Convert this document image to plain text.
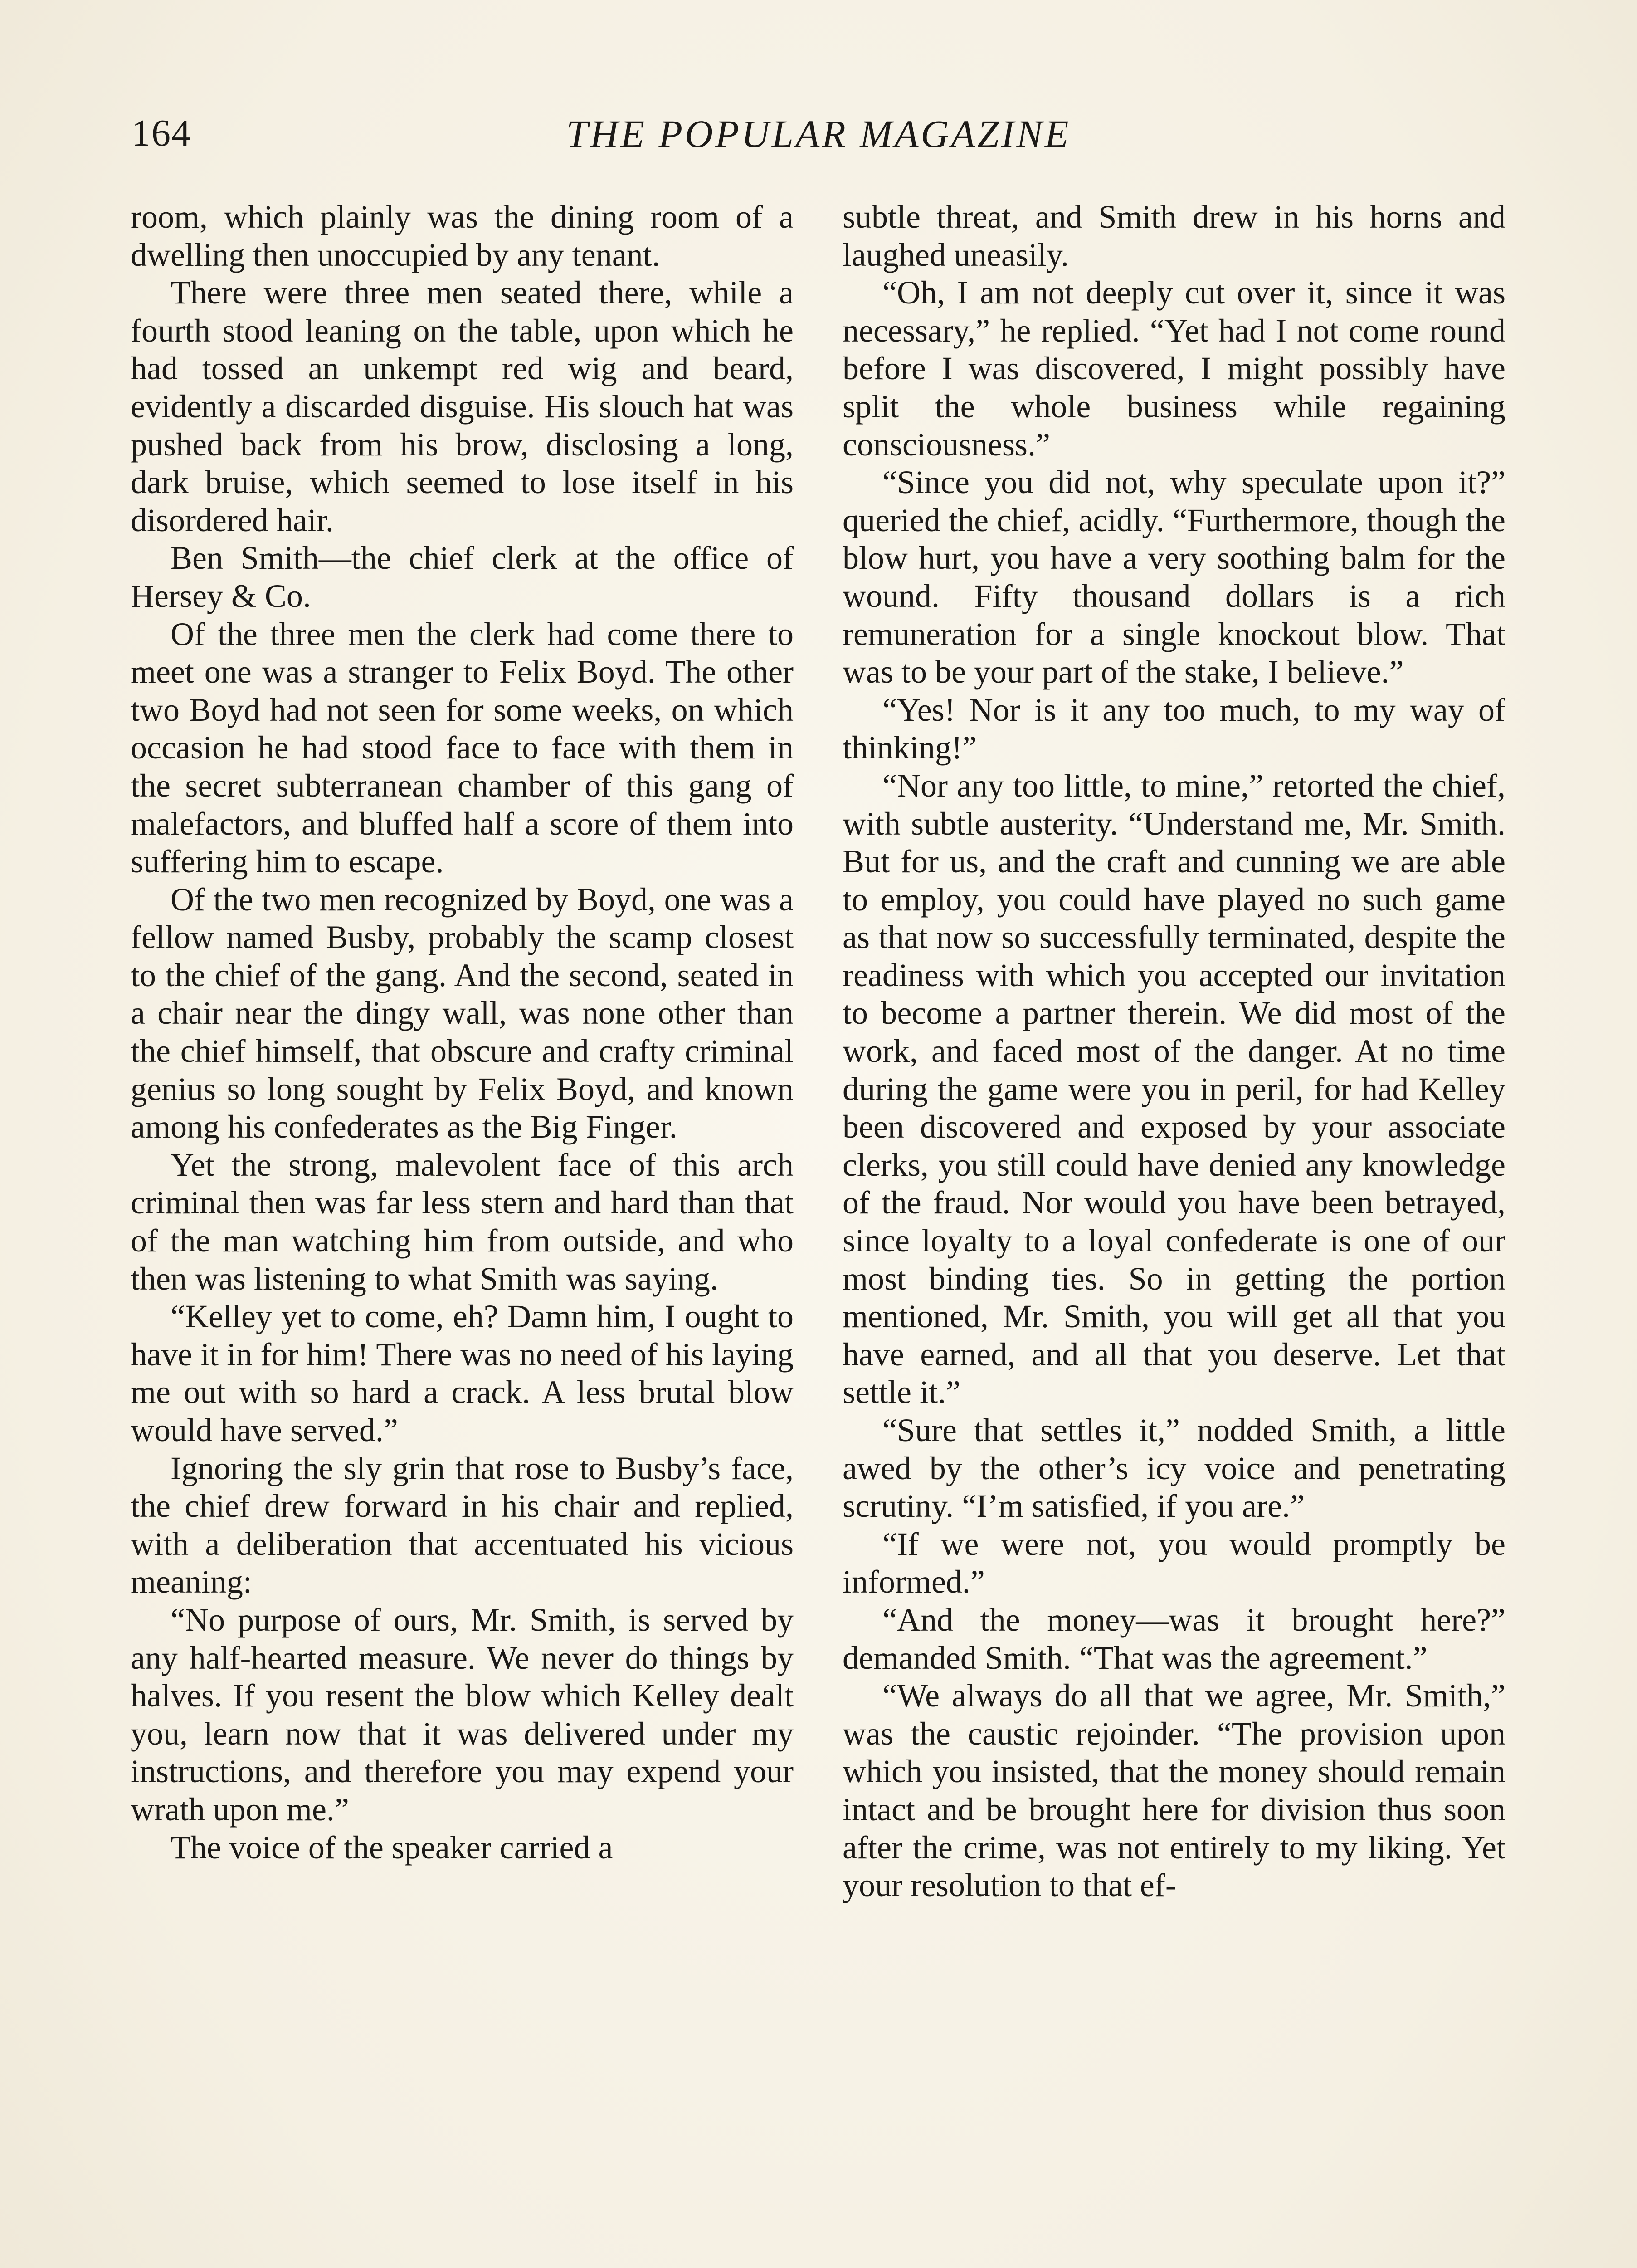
164	THE POPULAR MAGAZINE

room, which plainly was the dining room of a dwelling then unoccupied by any tenant.

There were three men seated there, while a fourth stood leaning on the table, upon which he had tossed an unkempt red wig and beard, evidently a discarded disguise. His slouch hat was pushed back from his brow, disclosing a long, dark bruise, which seemed to lose itself in his disordered hair.

Ben Smith—the chief clerk at the office of Hersey & Co.

Of the three men the clerk had come there to meet one was a stranger to Felix Boyd. The other two Boyd had not seen for some weeks, on which occasion he had stood face to face with them in the secret subterranean chamber of this gang of malefactors, and bluffed half a score of them into suffering him to escape.

Of the two men recognized by Boyd, one was a fellow named Busby, probably the scamp closest to the chief of the gang. And the second, seated in a chair near the dingy wall, was none other than the chief himself, that obscure and crafty criminal genius so long sought by Felix Boyd, and known among his confederates as the Big Finger.

Yet the strong, malevolent face of this arch criminal then was far less stern and hard than that of the man watching him from outside, and who then was listening to what Smith was saying.

“Kelley yet to come, eh? Damn him, I ought to have it in for him! There was no need of his laying me out with so hard a crack. A less brutal blow would have served.”

Ignoring the sly grin that rose to Busby’s face, the chief drew forward in his chair and replied, with a deliberation that accentuated his vicious meaning:

“No purpose of ours, Mr. Smith, is served by any half-hearted measure. We never do things by halves. If you resent the blow which Kelley dealt you, learn now that it was delivered under my instructions, and therefore you may expend your wrath upon me.”

The voice of the speaker carried a

subtle threat, and Smith drew in his horns and laughed uneasily.

“Oh, I am not deeply cut over it, since it was necessary,” he replied. “Yet had I not come round before I was discovered, I might possibly have split the whole business while regaining consciousness.”

“Since you did not, why speculate upon it?” queried the chief, acidly. “Furthermore, though the blow hurt, you have a very soothing balm for the wound. Fifty thousand dollars is a rich remuneration for a single knockout blow. That was to be your part of the stake, I believe.”

“Yes! Nor is it any too much, to my way of thinking!”

“Nor any too little, to mine,” retorted the chief, with subtle austerity. “Understand me, Mr. Smith. But for us, and the craft and cunning we are able to employ, you could have played no such game as that now so successfully terminated, despite the readiness with which you accepted our invitation to become a partner therein. We did most of the work, and faced most of the danger. At no time during the game were you in peril, for had Kelley been discovered and exposed by your associate clerks, you still could have denied any knowledge of the fraud. Nor would you have been betrayed, since loyalty to a loyal confederate is one of our most binding ties. So in getting the portion mentioned, Mr. Smith, you will get all that you have earned, and all that you deserve. Let that settle it.”

“Sure that settles it,” nodded Smith, a little awed by the other’s icy voice and penetrating scrutiny. “I’m satisfied, if you are.”

“If we were not, you would promptly be informed.”

“And the money—was it brought here?” demanded Smith. “That was the agreement.”

“We always do all that we agree, Mr. Smith,” was the caustic rejoinder. “The provision upon which you insisted, that the money should remain intact and be brought here for division thus soon after the crime, was not entirely to my liking. Yet your resolution to that ef-
